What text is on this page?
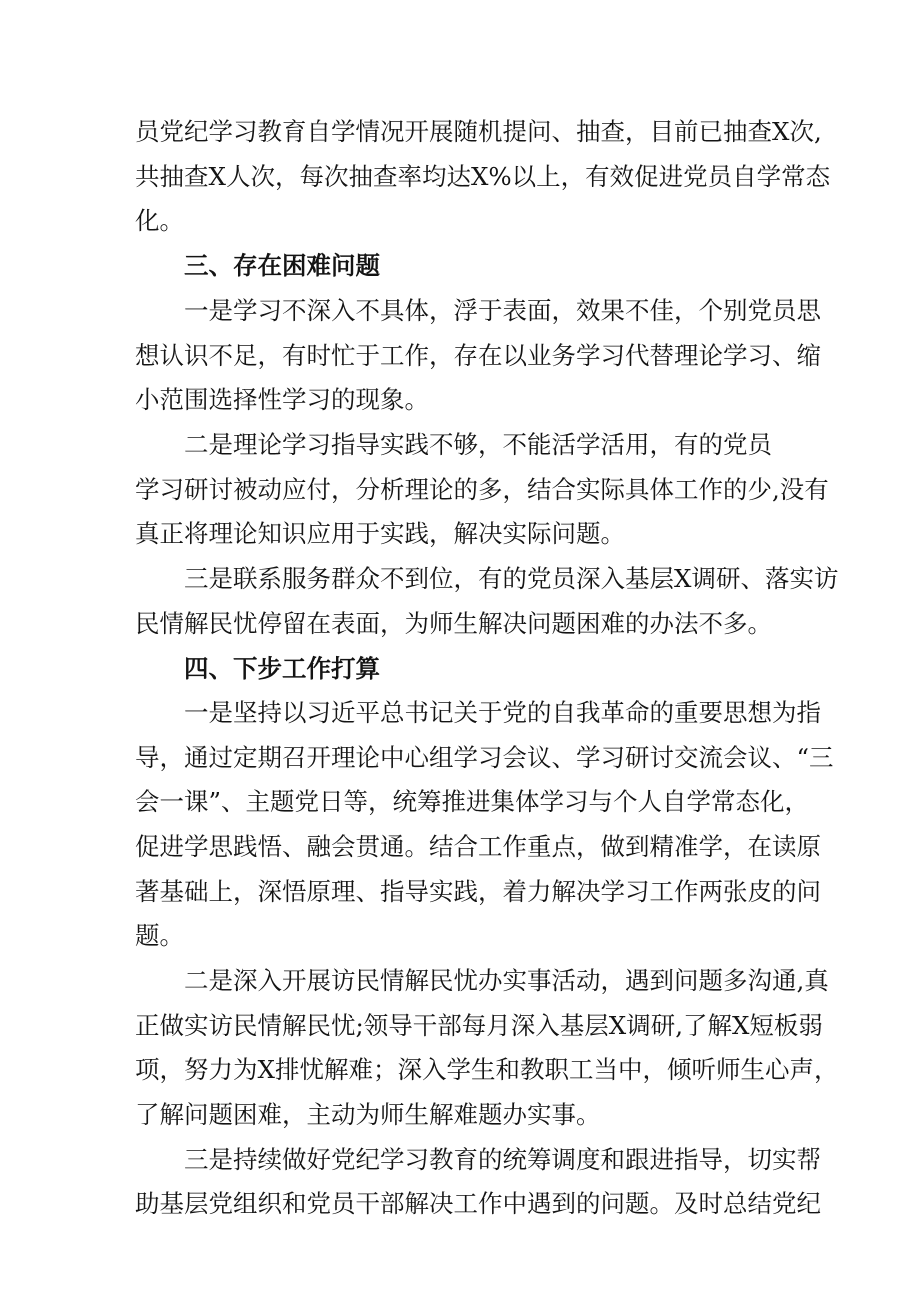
员党纪学习教育自学情况开展随机提问、抽查，目前已抽查X次,
共抽查X人次，每次抽查率均达X%以上，有效促进党员自学常态
化。
三、存在困难问题
一是学习不深入不具体，浮于表面，效果不佳，个别党员思
想认识不足，有时忙于工作，存在以业务学习代替理论学习、缩
小范围选择性学习的现象。
二是理论学习指导实践不够，不能活学活用，有的党员
学习研讨被动应付，分析理论的多，结合实际具体工作的少,没有
真正将理论知识应用于实践，解决实际问题。
三是联系服务群众不到位，有的党员深入基层X调研、落实访
民情解民忧停留在表面，为师生解决问题困难的办法不多。
四、下步工作打算
一是坚持以习近平总书记关于党的自我革命的重要思想为指
导，通过定期召开理论中心组学习会议、学习研讨交流会议、“三
会一课”、主题党日等，统筹推进集体学习与个人自学常态化，
促进学思践悟、融会贯通。结合工作重点，做到精准学，在读原
著基础上，深悟原理、指导实践，着力解决学习工作两张皮的问
题。
二是深入开展访民情解民忧办实事活动，遇到问题多沟通,真
正做实访民情解民忧;领导干部每月深入基层X调研,了解X短板弱
项，努力为X排忧解难；深入学生和教职工当中，倾听师生心声，
了解问题困难，主动为师生解难题办实事。
三是持续做好党纪学习教育的统筹调度和跟进指导，切实帮
助基层党组织和党员干部解决工作中遇到的问题。及时总结党纪
